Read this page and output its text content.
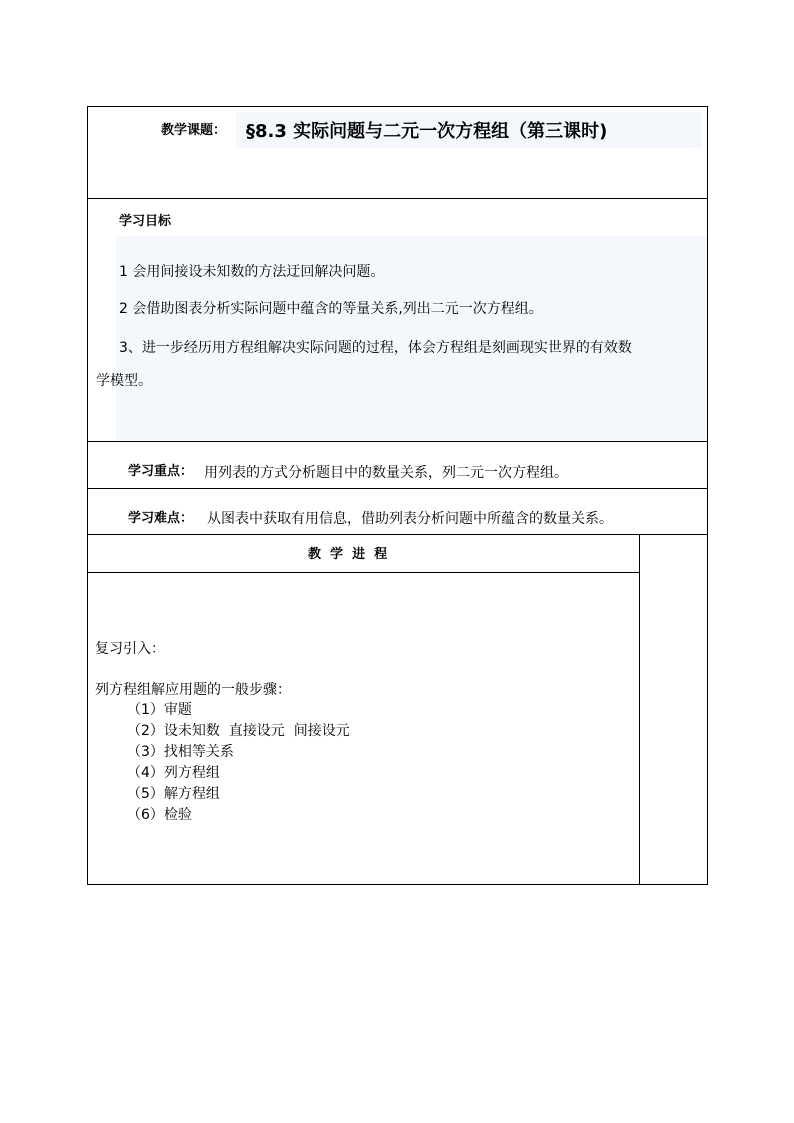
教学课题： §8.3 实际问题与二元一次方程组（第三课时)
学习目标
1 会用间接设未知数的方法迂回解决问题。
2 会借助图表分析实际问题中蕴含的等量关系,列出二元一次方程组。
3、进一步经历用方程组解决实际问题的过程，体会方程组是刻画现实世界的有效数
学模型。
学习重点： 用列表的方式分析题目中的数量关系，列二元一次方程组。
学习难点： 从图表中获取有用信息，借助列表分析问题中所蕴含的数量关系。
教  学  进  程
复习引入：
列方程组解应用题的一般步骤：
（1）审题
（2）设未知数  直接设元  间接设元
（3）找相等关系
（4）列方程组
（5）解方程组
（6）检验
